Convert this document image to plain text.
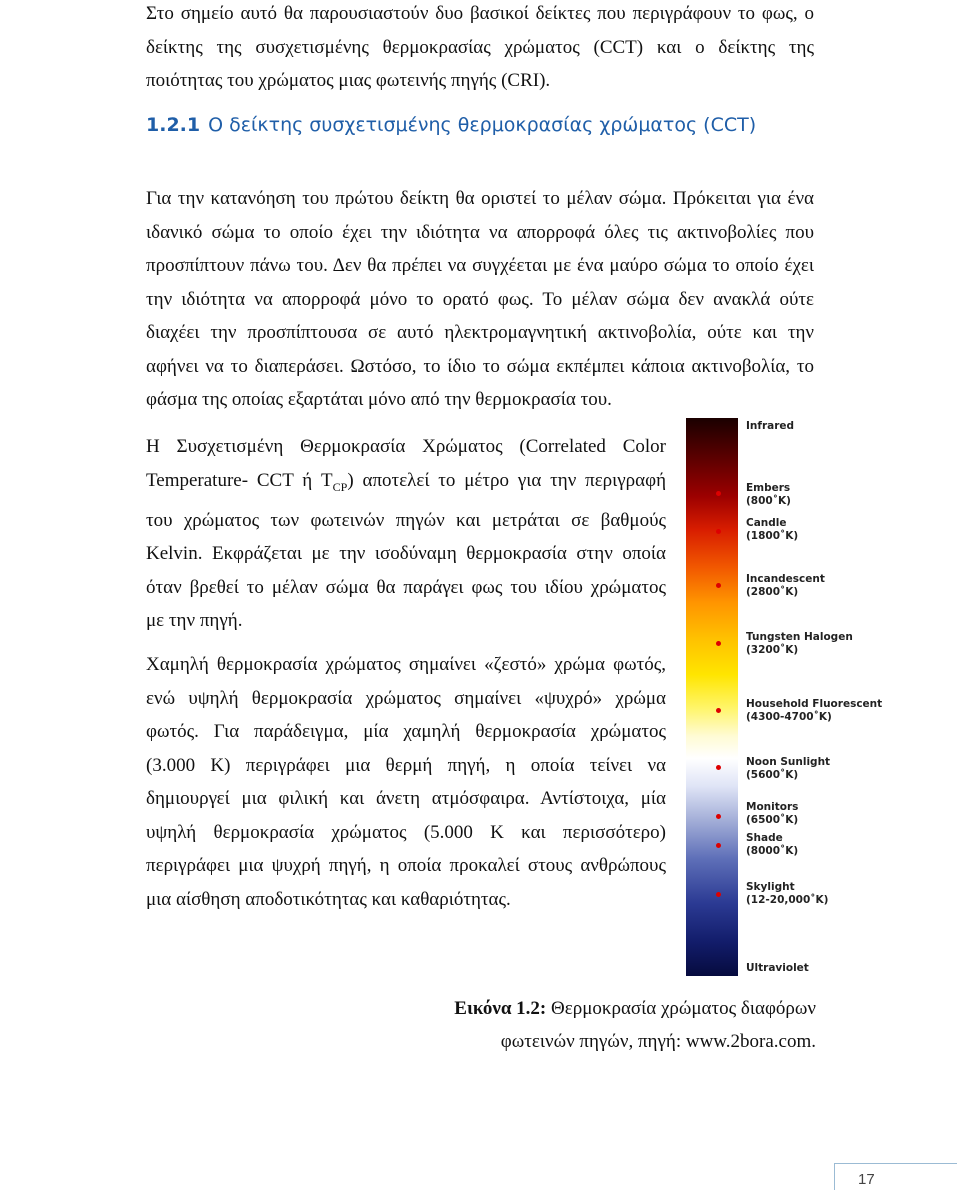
Στο σημείο αυτό θα παρουσιαστούν δυο βασικοί δείκτες που περιγράφουν το φως, ο
δείκτης της συσχετισμένης θερμοκρασίας χρώματος (CCT) και ο δείκτης της
ποιότητας του χρώματος μιας φωτεινής πηγής (CRI).
1.2.1 Ο δείκτης συσχετισμένης θερμοκρασίας χρώματος (CCT)
Για την κατανόηση του πρώτου δείκτη θα οριστεί το μέλαν σώμα. Πρόκειται για ένα
ιδανικό σώμα το οποίο έχει την ιδιότητα να απορροφά όλες τις ακτινοβολίες που
προσπίπτουν πάνω του. Δεν θα πρέπει να συγχέεται με ένα μαύρο σώμα το οποίο έχει
την ιδιότητα να απορροφά μόνο το ορατό φως. Το μέλαν σώμα δεν ανακλά ούτε
διαχέει την προσπίπτουσα σε αυτό ηλεκτρομαγνητική ακτινοβολία, ούτε και την
αφήνει να το διαπεράσει. Ωστόσο, το ίδιο το σώμα εκπέμπει κάποια ακτινοβολία, το
φάσμα της οποίας εξαρτάται μόνο από την θερμοκρασία του.
Η Συσχετισμένη Θερμοκρασία Χρώματος (Correlated Color
Temperature- CCT ή $T_{CP}$) αποτελεί το μέτρο για την περιγραφή
του χρώματος των φωτεινών πηγών και μετράται σε βαθμούς
Kelvin. Εκφράζεται με την ισοδύναμη θερμοκρασία στην οποία
όταν βρεθεί το μέλαν σώμα θα παράγει φως του ιδίου χρώματος
με την πηγή.
Χαμηλή θερμοκρασία χρώματος σημαίνει «ζεστό» χρώμα φωτός,
ενώ υψηλή θερμοκρασία χρώματος σημαίνει «ψυχρό» χρώμα
φωτός. Για παράδειγμα, μία χαμηλή θερμοκρασία χρώματος
(3.000 K) περιγράφει μια θερμή πηγή, η οποία τείνει να
δημιουργεί μια φιλική και άνετη ατμόσφαιρα. Αντίστοιχα, μία
υψηλή θερμοκρασία χρώματος (5.000 K και περισσότερο)
περιγράφει μια ψυχρή πηγή, η οποία προκαλεί στους ανθρώπους
μια αίσθηση αποδοτικότητας και καθαριότητας.
Infrared
Embers
(800˚K)
Candle
(1800˚K)
Incandescent
(2800˚K)
Tungsten Halogen
(3200˚K)
Household Fluorescent
(4300-4700˚K)
Noon Sunlight
(5600˚K)
Monitors
(6500˚K)
Shade
(8000˚K)
Skylight
(12-20,000˚K)
Ultraviolet
Εικόνα 1.2: Θερμοκρασία χρώματος διαφόρων
φωτεινών πηγών, πηγή: www.2bora.com.
17
